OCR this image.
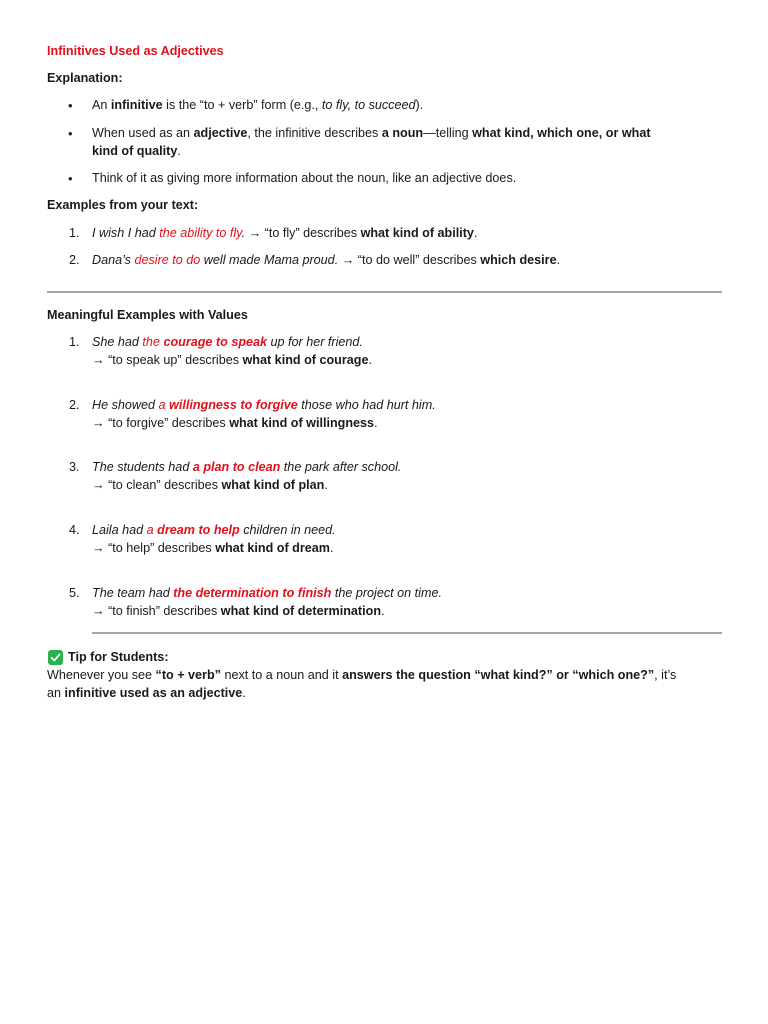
Infinitives Used as Adjectives
Explanation:
• An infinitive is the “to + verb” form (e.g., to fly, to succeed).
• When used as an adjective, the infinitive describes a noun—telling what kind, which one, or what
kind of quality.
• Think of it as giving more information about the noun, like an adjective does.
Examples from your text:
1. I wish I had the ability to fly. → “to fly” describes what kind of ability.
2. Dana’s desire to do well made Mama proud. → “to do well” describes which desire.
Meaningful Examples with Values
1. She had the courage to speak up for her friend.
→ “to speak up” describes what kind of courage.
2. He showed a willingness to forgive those who had hurt him.
→ “to forgive” describes what kind of willingness.
3. The students had a plan to clean the park after school.
→ “to clean” describes what kind of plan.
4. Laila had a dream to help children in need.
→ “to help” describes what kind of dream.
5. The team had the determination to finish the project on time.
→ “to finish” describes what kind of determination.
Tip for Students:
Whenever you see “to + verb” next to a noun and it answers the question “what kind?” or “which one?”, it’s
an infinitive used as an adjective.
